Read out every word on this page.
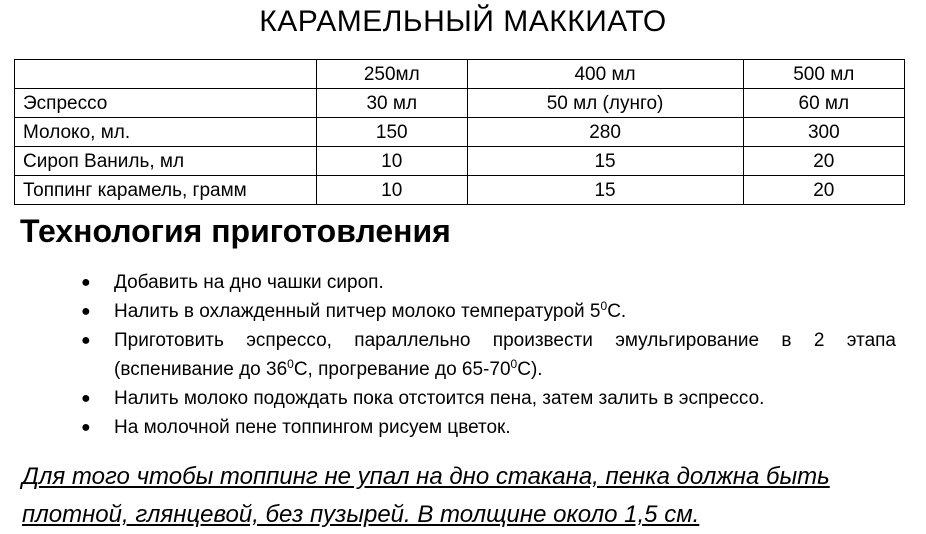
КАРАМЕЛЬНЫЙ МАККИАТО
	250мл	400 мл	500 мл
Эспрессо	30 мл	50 мл (лунго)	60 мл
Молоко, мл.	150	280	300
Сироп Ваниль, мл	10	15	20
Топпинг карамель, грамм	10	15	20
Технология приготовления
● Добавить на дно чашки сироп.
● Налить в охлажденный питчер молоко температурой $5^0С$.
● Приготовить эспрессо, параллельно произвести эмульгирование в 2 этапа (вспенивание до $36^0С$, прогревание до $65-70^0С$).
● Налить молоко подождать пока отстоится пена, затем залить в эспрессо.
● На молочной пене топпингом рисуем цветок.
Для того чтобы топпинг не упал на дно стакана, пенка должна быть плотной, глянцевой, без пузырей. В толщине около 1,5 см.
